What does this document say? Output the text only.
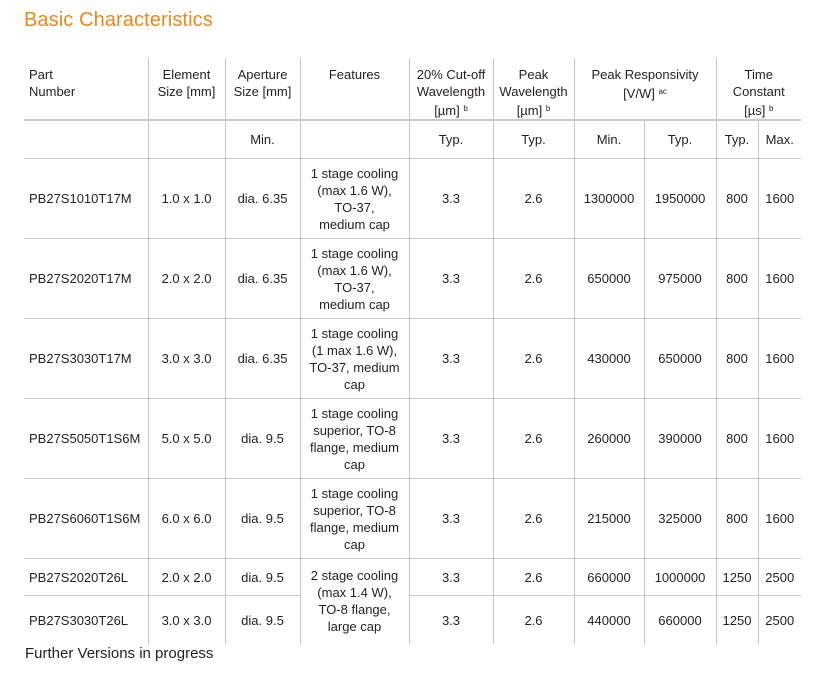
Basic Characteristics
Part Number	Element Size [mm]	Aperture Size [mm]	Features	20% Cut-off Wavelength [µm] $^b$	Peak Wavelength [µm] $^b$	Peak Responsivity [V/W] $^{ac}$		Time Constant [µs] $^b$

		Min.		Typ.	Typ.	Min.	Typ.	Typ.	Max.
PB27S1010T17M	1.0 x 1.0	dia. 6.35	1 stage cooling (max 1.6 W), TO-37, medium cap	3.3	2.6	1300000	1950000	800	1600
PB27S2020T17M	2.0 x 2.0	dia. 6.35	1 stage cooling (max 1.6 W), TO-37, medium cap	3.3	2.6	650000	975000	800	1600
PB27S3030T17M	3.0 x 3.0	dia. 6.35	1 stage cooling (1 max 1.6 W), TO-37, medium cap	3.3	2.6	430000	650000	800	1600
PB27S5050T1S6M	5.0 x 5.0	dia. 9.5	1 stage cooling superior, TO-8 flange, medium cap	3.3	2.6	260000	390000	800	1600
PB27S6060T1S6M	6.0 x 6.0	dia. 9.5	1 stage cooling superior, TO-8 flange, medium cap	3.3	2.6	215000	325000	800	1600
PB27S2020T26L	2.0 x 2.0	dia. 9.5	2 stage cooling (max 1.4 W), TO-8 flange, large cap	3.3	2.6	660000	1000000	1250	2500
PB27S3030T26L	3.0 x 3.0	dia. 9.5		3.3	2.6	440000	660000	1250	2500
Further Versions in progress
